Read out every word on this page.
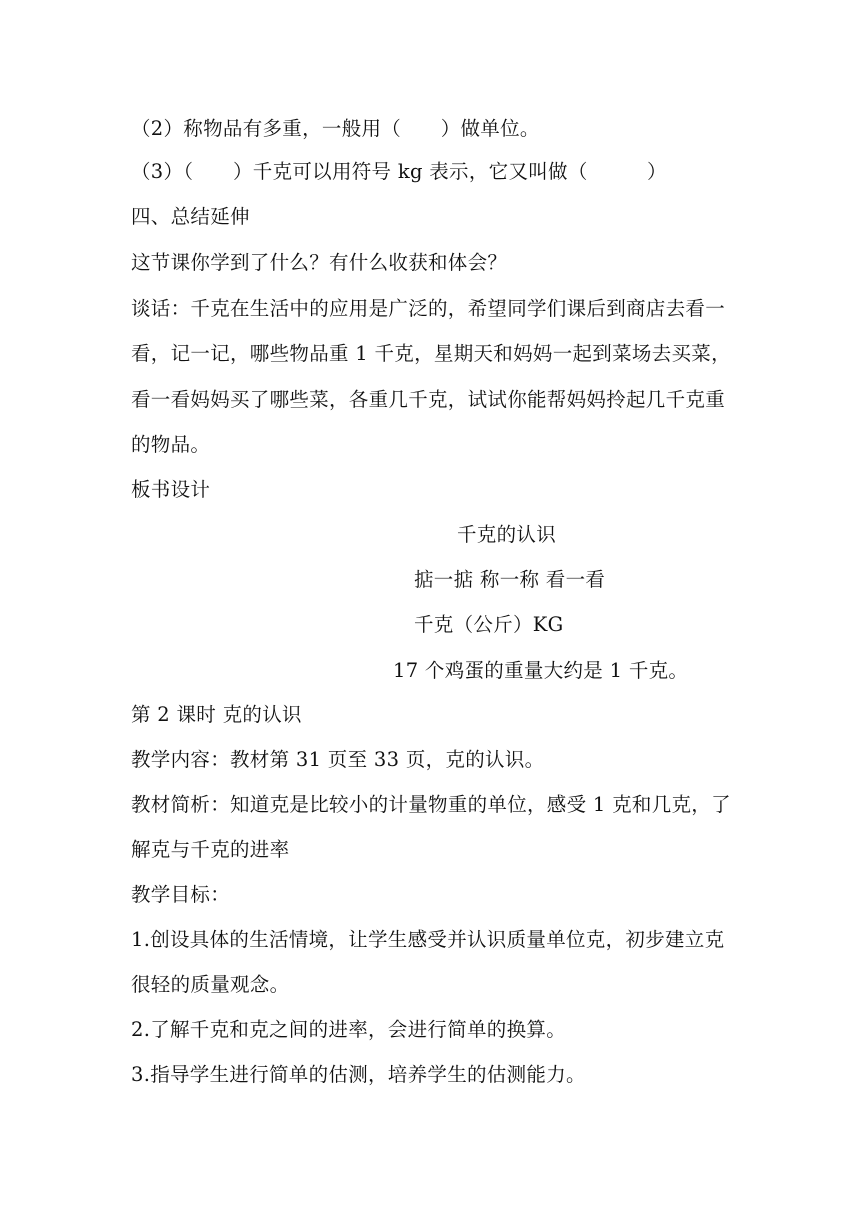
（2）称物品有多重，一般用（　　）做单位。
（3）（　　）千克可以用符号 kg 表示，它又叫做（　　　）
四、总结延伸
这节课你学到了什么？有什么收获和体会？
谈话：千克在生活中的应用是广泛的，希望同学们课后到商店去看一
看，记一记，哪些物品重 1 千克，星期天和妈妈一起到菜场去买菜，
看一看妈妈买了哪些菜，各重几千克，试试你能帮妈妈拎起几千克重
的物品。
板书设计
千克的认识
掂一掂 称一称 看一看
千克（公斤）KG
17 个鸡蛋的重量大约是 1 千克。
第 2 课时 克的认识
教学内容：教材第 31 页至 33 页，克的认识。
教材简析：知道克是比较小的计量物重的单位，感受 1 克和几克，了
解克与千克的进率
教学目标：
1.创设具体的生活情境，让学生感受并认识质量单位克，初步建立克
很轻的质量观念。
2.了解千克和克之间的进率，会进行简单的换算。
3.指导学生进行简单的估测，培养学生的估测能力。
